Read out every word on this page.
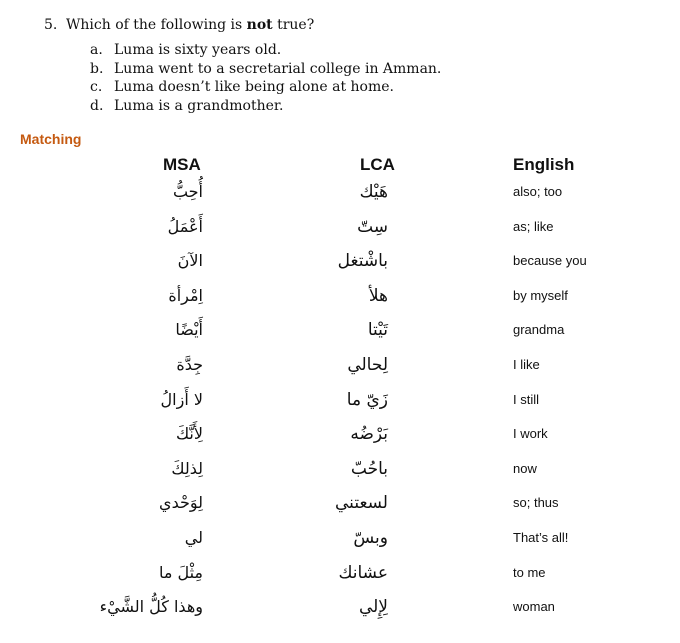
5. Which of the following is not true?
a. Luma is sixty years old.
b. Luma went to a secretarial college in Amman.
c. Luma doesn’t like being alone at home.
d. Luma is a grandmother.
Matching
MSA	LCA	English
أُحِبُّ	هَيْك	also; too
أَعْمَلُ	سِتّ	as; like
الآنَ	باشْتغل	because you
اِمْرأة	هلأ	by myself
أَيْضًا	تَيْتا	grandma
جِدَّة	لِحالي	I like
لا أَزالُ	زَيّ ما	I still
لِأَنَّكَ	بَرْضُه	I work
لِذلِكَ	باحُبّ	now
لِوَحْدي	لسعتني	so; thus
لي	وبسّ	That’s all!
مِثْلَ ما	عشانك	to me
وهذا كُلُّ الشَّيْء	لِإِلي	woman
